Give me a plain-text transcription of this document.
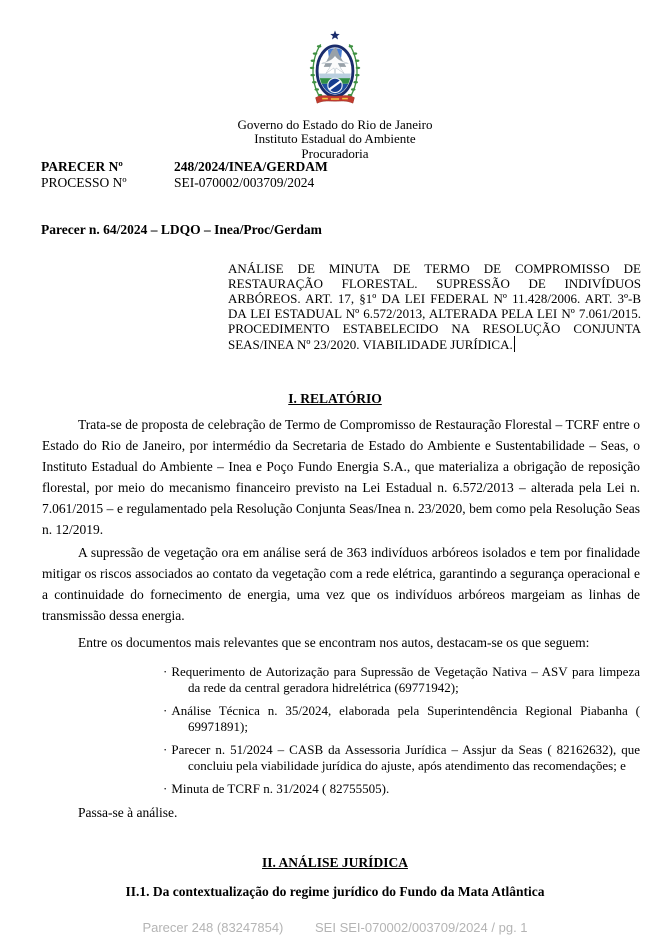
Governo do Estado do Rio de Janeiro
Instituto Estadual do Ambiente
Procuradoria
PARECER Nº	248/2024/INEA/GERDAM
PROCESSO Nº	SEI-070002/003709/2024
Parecer n. 64/2024 – LDQO – Inea/Proc/Gerdam
ANÁLISE DE MINUTA DE TERMO DE COMPROMISSO DE RESTAURAÇÃO FLORESTAL. SUPRESSÃO DE INDIVÍDUOS ARBÓREOS. ART. 17, §1º DA LEI FEDERAL Nº 11.428/2006. ART. 3º-B DA LEI ESTADUAL Nº 6.572/2013, ALTERADA PELA LEI Nº 7.061/2015. PROCEDIMENTO ESTABELECIDO NA RESOLUÇÃO CONJUNTA SEAS/INEA Nº 23/2020. VIABILIDADE JURÍDICA.
I. RELATÓRIO
Trata-se de proposta de celebração de Termo de Compromisso de Restauração Florestal – TCRF entre o Estado do Rio de Janeiro, por intermédio da Secretaria de Estado do Ambiente e Sustentabilidade – Seas, o Instituto Estadual do Ambiente – Inea e Poço Fundo Energia S.A., que materializa a obrigação de reposição florestal, por meio do mecanismo financeiro previsto na Lei Estadual n. 6.572/2013 – alterada pela Lei n. 7.061/2015 – e regulamentado pela Resolução Conjunta Seas/Inea n. 23/2020, bem como pela Resolução Seas n. 12/2019.
A supressão de vegetação ora em análise será de 363 indivíduos arbóreos isolados e tem por finalidade mitigar os riscos associados ao contato da vegetação com a rede elétrica, garantindo a segurança operacional e a continuidade do fornecimento de energia, uma vez que os indivíduos arbóreos margeiam as linhas de transmissão dessa energia.
Entre os documentos mais relevantes que se encontram nos autos, destacam-se os que seguem:
· Requerimento de Autorização para Supressão de Vegetação Nativa – ASV para limpeza da rede da central geradora hidrelétrica (69771942);
· Análise Técnica n. 35/2024, elaborada pela Superintendência Regional Piabanha ( 69971891);
· Parecer n. 51/2024 – CASB da Assessoria Jurídica – Assjur da Seas ( 82162632), que concluiu pela viabilidade jurídica do ajuste, após atendimento das recomendações; e
· Minuta de TCRF n. 31/2024 ( 82755505).
Passa-se à análise.
II. ANÁLISE JURÍDICA
II.1. Da contextualização do regime jurídico do Fundo da Mata Atlântica
Parecer 248 (83247854) SEI SEI-070002/003709/2024 / pg. 1
